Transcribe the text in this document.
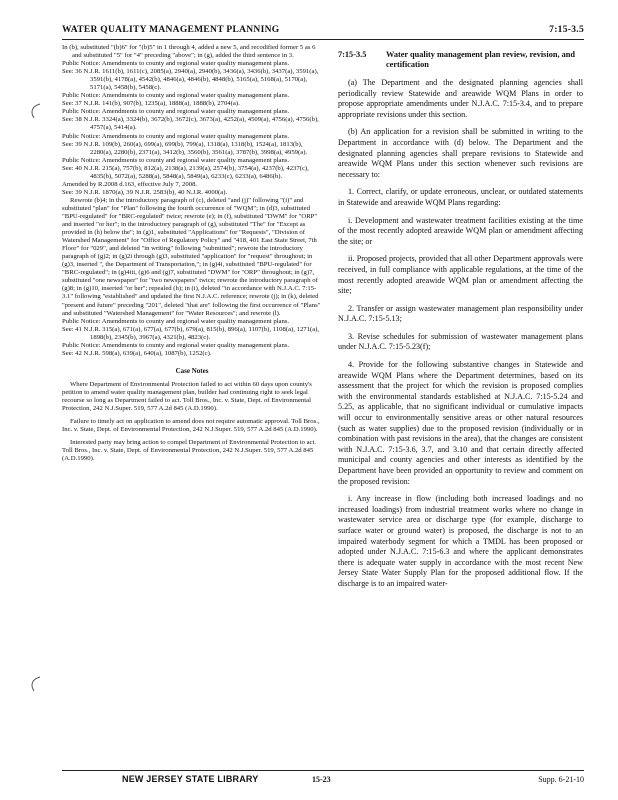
WATER QUALITY MANAGEMENT PLANNING	7:15-3.5

In (b), substituted "(b)6" for "(b)5" in 1 through 4, added a new 5, and recodified former 5 as 6 and substituted "5" for "4" preceding "above"; in (g), added the third sentence in 3.

Public Notice: Amendments to county and regional water quality management plans.

See: 36 N.J.R. 1611(b), 1611(c), 2085(a), 2940(a), 2940(b), 3436(a), 3436(b), 3437(a), 3591(a), 3591(b), 4178(a), 4542(b), 4846(a), 4846(b), 4848(b), 5165(a), 5168(a), 5170(a), 5171(a), 5458(b), 5458(c).

Public Notice: Amendments to county and regional water quality management plans.

See: 37 N.J.R. 141(b), 907(b), 1235(a), 1888(a), 1888(b), 2704(a).

Public Notice: Amendments to county and regional water quality management plans.

See: 38 N.J.R. 3324(a), 3324(b), 3672(b), 3672(c), 3673(a), 4252(a), 4509(a), 4756(a), 4756(b), 4757(a), 5414(a).

Public Notice: Amendments to county and regional water quality management plans.

See: 39 N.J.R. 109(b), 260(a), 699(a), 699(b), 799(a), 1318(a), 1318(b), 1524(a), 1813(b), 2280(a), 2280(b), 2371(a), 3412(b), 3560(b), 3561(a), 3787(b), 3998(a), 4959(a).

Public Notice: Amendments to county and regional water quality management plans.

See: 40 N.J.R. 215(a), 757(b), 812(a), 2138(a), 2139(a), 2574(b), 3754(a), 4237(b), 4237(c), 4835(b), 5072(a), 5288(a), 5848(a), 5849(a), 6233(c), 6233(a), 6486(b).

Amended by R.2008 d.163, effective July 7, 2008.

See: 39 N.J.R. 1870(a), 39 N.J.R. 2583(b), 40 N.J.R. 4000(a).

Rewrote (b)4; in the introductory paragraph of (c), deleted "and (j)" following "(i)" and substituted "plan" for "Plan" following the fourth occurrence of "WQM"; in (d)3, substituted "BPU-regulated" for "BRC-regulated" twice; rewrote (e); in (f), substituted "DWM" for "ORP" and inserted "or her"; in the introductory paragraph of (g), substituted "The" for "Except as provided in (h) below the"; in (g)1, substituted "Applications" for "Requests", "Division of Watershed Management" for "Office of Regulatory Policy" and "418, 401 East State Street, 7th Floor" for "029", and deleted "in writing" following "submitted"; rewrote the introductory paragraph of (g)2; in (g)2i through (g)3, substituted "application" for "request" throughout; in (g)3, inserted ", the Department of Transportation,"; in (g)4i, substituted "BPU-regulated" for "BRC-regulated"; in (g)4iii, (g)6 and (g)7, substituted "DWM" for "ORP" throughout; in (g)7, substituted "one newspaper" for "two newspapers" twice; rewrote the introductory paragraph of (g)8; in (g)10, inserted "or her"; repealed (h); in (i), deleted "in accordance with N.J.A.C. 7:15-3.1" following "established" and updated the first N.J.A.C. reference; rewrote (j); in (k), deleted "present and future" preceding "201", deleted "that are" following the first occurrence of "Plans" and substituted "Watershed Management" for "Water Resources"; and rewrote (l).

Public Notice: Amendments to county and regional water quality management plans.

See: 41 N.J.R. 315(a), 671(a), 677(a), 677(b), 679(a), 815(b), 896(a), 1107(b), 1108(a), 1271(a), 1898(b), 2345(b), 3967(a), 4321(b), 4823(c).

Public Notice: Amendments to county and regional water quality management plans.

See: 42 N.J.R. 598(a), 639(a), 640(a), 1087(b), 1252(c).

Case Notes

Where Department of Environmental Protection failed to act within 60 days upon county's petition to amend water quality management plan, builder had continuing right to seek legal recourse so long as Department failed to act. Toll Bros., Inc. v. State, Dept. of Environmental Protection, 242 N.J.Super. 519, 577 A.2d 845 (A.D.1990).

Failure to timely act on application to amend does not require automatic approval. Toll Bros., Inc. v. State, Dept. of Environmental Protection, 242 N.J.Super. 519, 577 A.2d 845 (A.D.1990).

Interested party may bring action to compel Department of Environmental Protection to act. Toll Bros., Inc. v. State, Dept. of Environmental Protection, 242 N.J.Super. 519, 577 A.2d 845 (A.D.1990).

7:15-3.5	Water quality management plan review, revision, and certification

(a) The Department and the designated planning agencies shall periodically review Statewide and areawide WQM Plans in order to propose appropriate amendments under N.J.A.C. 7:15-3.4, and to prepare appropriate revisions under this section.

(b) An application for a revision shall be submitted in writing to the Department in accordance with (d) below. The Department and the designated planning agencies shall prepare revisions to Statewide and areawide WQM Plans under this section whenever such revisions are necessary to:

1. Correct, clarify, or update erroneous, unclear, or outdated statements in Statewide and areawide WQM Plans regarding:

i. Development and wastewater treatment facilities existing at the time of the most recently adopted areawide WQM plan or amendment affecting the site; or

ii. Proposed projects, provided that all other Department approvals were received, in full compliance with applicable regulations, at the time of the most recently adopted areawide WQM plan or amendment affecting the site;

2. Transfer or assign wastewater management plan responsibility under N.J.A.C. 7:15-5.13;

3. Revise schedules for submission of wastewater management plans under N.J.A.C. 7:15-5.23(f);

4. Provide for the following substantive changes in Statewide and areawide WQM Plans where the Department determines, based on its assessment that the project for which the revision is proposed complies with the environmental standards established at N.J.A.C. 7:15-5.24 and 5.25, as applicable, that no significant individual or cumulative impacts will occur to environmentally sensitive areas or other natural resources (such as water supplies) due to the proposed revision (individually or in combination with past revisions in the area), that the changes are consistent with N.J.A.C. 7:15-3.6, 3.7, and 3.10 and that certain directly affected municipal and county agencies and other interests as identified by the Department have been provided an opportunity to review and comment on the proposed revision:

i. Any increase in flow (including both increased loadings and no increased loadings) from industrial treatment works where no change in wastewater service area or discharge type (for example, discharge to surface water or ground water) is proposed, the discharge is not to an impaired waterbody segment for which a TMDL has been proposed or adopted under N.J.A.C. 7:15-6.3 and where the applicant demonstrates there is adequate water supply in accordance with the most recent New Jersey State Water Supply Plan for the proposed additional flow. If the discharge is to an impaired water-

NEW JERSEY STATE LIBRARY	15-23	Supp. 6-21-10
